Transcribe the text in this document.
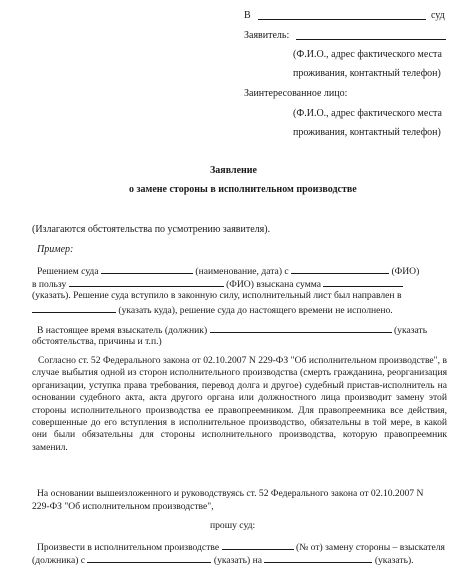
В	суд
Заявитель:
(Ф.И.О., адрес фактического места
проживания, контактный телефон)
Заинтересованное лицо:
(Ф.И.О., адрес фактического места
проживания, контактный телефон)
Заявление
о замене стороны в исполнительном производстве
(Излагаются обстоятельства по усмотрению заявителя).
Пример:
Решением суда	(наименование, дата) с	(ФИО)
в пользу	(ФИО) взыскана сумма
(указать). Решение суда вступило в законную силу, исполнительный лист был направлен в
(указать куда), решение суда до настоящего времени не исполнено.
В настоящее время взыскатель (должник)	(указать
обстоятельства, причины и т.п.)
Согласно ст. 52 Федерального закона от 02.10.2007 N 229-ФЗ "Об исполнительном производстве", в случае выбытия одной из сторон исполнительного производства (смерть гражданина, реорганизация организации, уступка права требования, перевод долга и другое) судебный пристав-исполнитель на основании судебного акта, акта другого органа или должностного лица производит замену этой стороны исполнительного производства ее правопреемником. Для правопреемника все действия, совершенные до его вступления в исполнительное производство, обязательны в той мере, в какой они были обязательны для стороны исполнительного производства, которую правопреемник заменил.
На основании вышеизложенного и руководствуясь ст. 52 Федерального закона от 02.10.2007 N
229-ФЗ "Об исполнительном производстве",
прошу суд:
Произвести в исполнительном производстве	(№ от) замену стороны – взыскателя
(должника) с	(указать) на	(указать).
